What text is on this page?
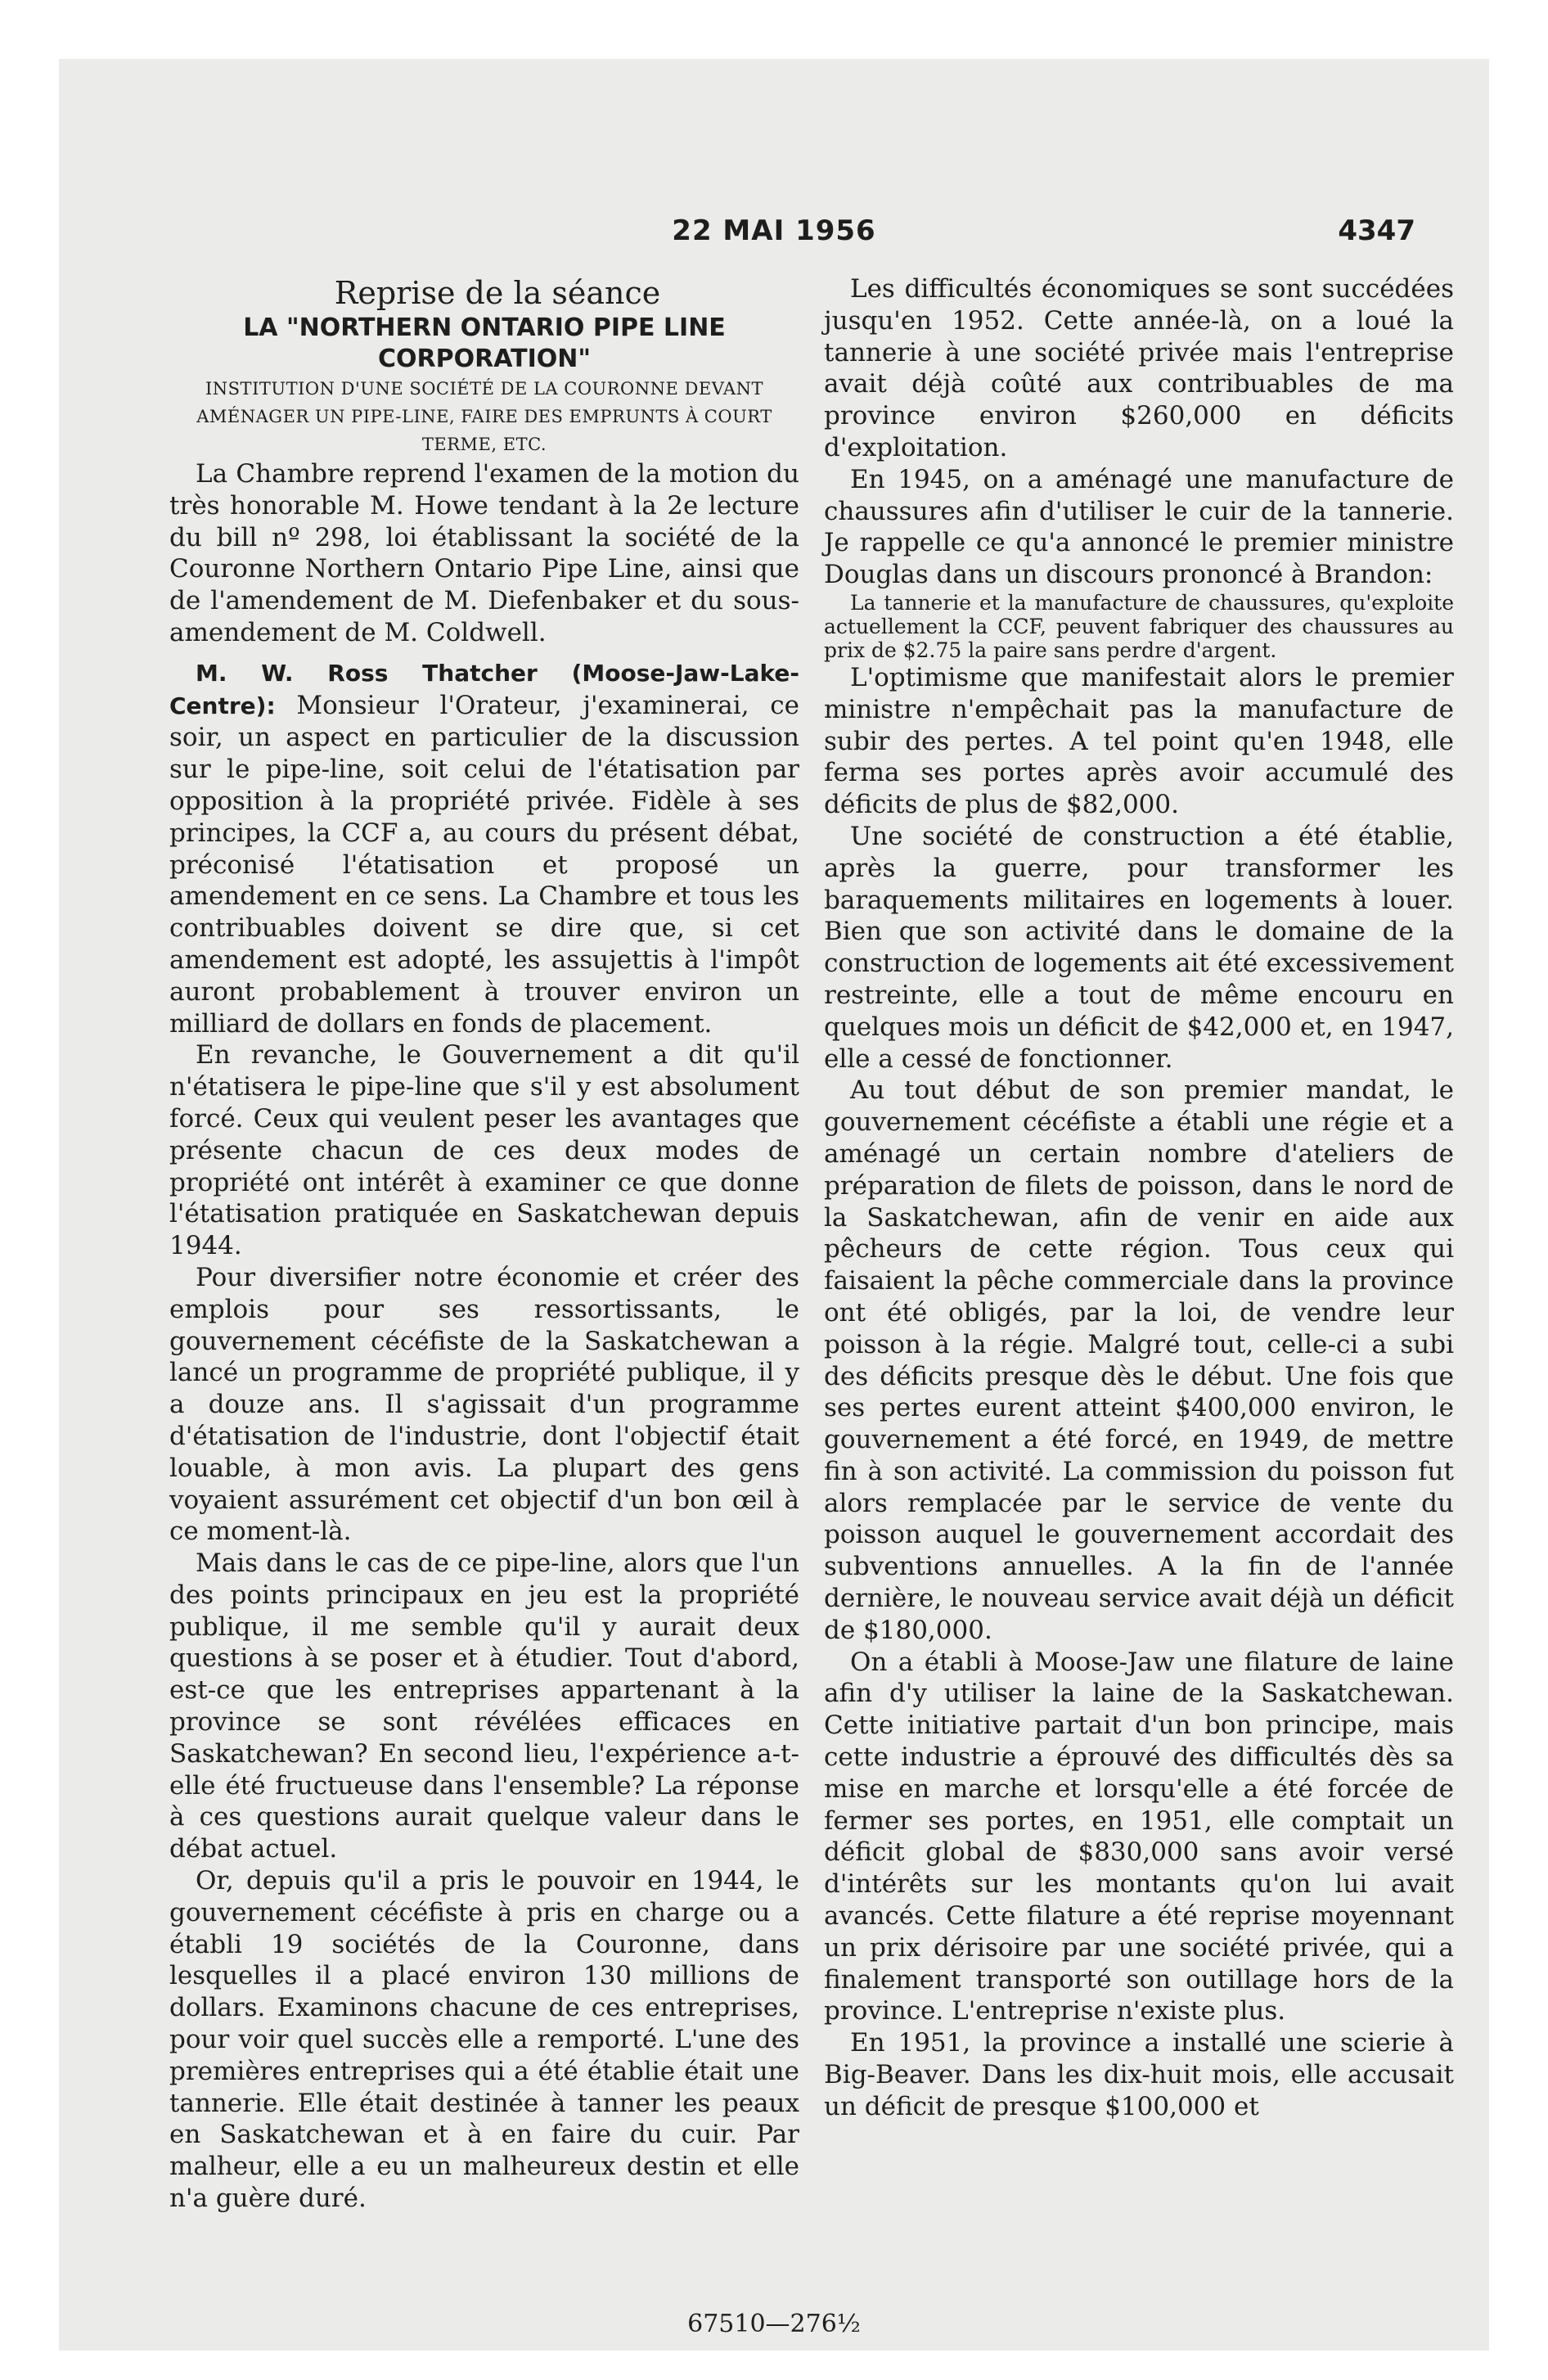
22 MAI 1956	4347

Reprise de la séance

LA "NORTHERN ONTARIO PIPE LINE CORPORATION"

INSTITUTION D'UNE SOCIÉTÉ DE LA COURONNE DEVANT AMÉNAGER UN PIPE-LINE, FAIRE DES EMPRUNTS À COURT TERME, ETC.

La Chambre reprend l'examen de la motion du très honorable M. Howe tendant à la 2e lecture du bill nº 298, loi établissant la société de la Couronne Northern Ontario Pipe Line, ainsi que de l'amendement de M. Diefenbaker et du sous-amendement de M. Coldwell.

M. W. Ross Thatcher (Moose-Jaw-Lake-Centre): Monsieur l'Orateur, j'examinerai, ce soir, un aspect en particulier de la discussion sur le pipe-line, soit celui de l'étatisation par opposition à la propriété privée. Fidèle à ses principes, la CCF a, au cours du présent débat, préconisé l'étatisation et proposé un amendement en ce sens. La Chambre et tous les contribuables doivent se dire que, si cet amendement est adopté, les assujettis à l'impôt auront probablement à trouver environ un milliard de dollars en fonds de placement.

En revanche, le Gouvernement a dit qu'il n'étatisera le pipe-line que s'il y est absolument forcé. Ceux qui veulent peser les avantages que présente chacun de ces deux modes de propriété ont intérêt à examiner ce que donne l'étatisation pratiquée en Saskatchewan depuis 1944.

Pour diversifier notre économie et créer des emplois pour ses ressortissants, le gouvernement cécéfiste de la Saskatchewan a lancé un programme de propriété publique, il y a douze ans. Il s'agissait d'un programme d'étatisation de l'industrie, dont l'objectif était louable, à mon avis. La plupart des gens voyaient assurément cet objectif d'un bon œil à ce moment-là.

Mais dans le cas de ce pipe-line, alors que l'un des points principaux en jeu est la propriété publique, il me semble qu'il y aurait deux questions à se poser et à étudier. Tout d'abord, est-ce que les entreprises appartenant à la province se sont révélées efficaces en Saskatchewan? En second lieu, l'expérience a-t-elle été fructueuse dans l'ensemble? La réponse à ces questions aurait quelque valeur dans le débat actuel.

Or, depuis qu'il a pris le pouvoir en 1944, le gouvernement cécéfiste à pris en charge ou a établi 19 sociétés de la Couronne, dans lesquelles il a placé environ 130 millions de dollars. Examinons chacune de ces entreprises, pour voir quel succès elle a remporté. L'une des premières entreprises qui a été établie était une tannerie. Elle était destinée à tanner les peaux en Saskatchewan et à en faire du cuir. Par malheur, elle a eu un malheureux destin et elle n'a guère duré.

Les difficultés économiques se sont succédées jusqu'en 1952. Cette année-là, on a loué la tannerie à une société privée mais l'entreprise avait déjà coûté aux contribuables de ma province environ $260,000 en déficits d'exploitation.

En 1945, on a aménagé une manufacture de chaussures afin d'utiliser le cuir de la tannerie. Je rappelle ce qu'a annoncé le premier ministre Douglas dans un discours prononcé à Brandon:

La tannerie et la manufacture de chaussures, qu'exploite actuellement la CCF, peuvent fabriquer des chaussures au prix de $2.75 la paire sans perdre d'argent.

L'optimisme que manifestait alors le premier ministre n'empêchait pas la manufacture de subir des pertes. A tel point qu'en 1948, elle ferma ses portes après avoir accumulé des déficits de plus de $82,000.

Une société de construction a été établie, après la guerre, pour transformer les baraquements militaires en logements à louer. Bien que son activité dans le domaine de la construction de logements ait été excessivement restreinte, elle a tout de même encouru en quelques mois un déficit de $42,000 et, en 1947, elle a cessé de fonctionner.

Au tout début de son premier mandat, le gouvernement cécéfiste a établi une régie et a aménagé un certain nombre d'ateliers de préparation de filets de poisson, dans le nord de la Saskatchewan, afin de venir en aide aux pêcheurs de cette région. Tous ceux qui faisaient la pêche commerciale dans la province ont été obligés, par la loi, de vendre leur poisson à la régie. Malgré tout, celle-ci a subi des déficits presque dès le début. Une fois que ses pertes eurent atteint $400,000 environ, le gouvernement a été forcé, en 1949, de mettre fin à son activité. La commission du poisson fut alors remplacée par le service de vente du poisson auquel le gouvernement accordait des subventions annuelles. A la fin de l'année dernière, le nouveau service avait déjà un déficit de $180,000.

On a établi à Moose-Jaw une filature de laine afin d'y utiliser la laine de la Saskatchewan. Cette initiative partait d'un bon principe, mais cette industrie a éprouvé des difficultés dès sa mise en marche et lorsqu'elle a été forcée de fermer ses portes, en 1951, elle comptait un déficit global de $830,000 sans avoir versé d'intérêts sur les montants qu'on lui avait avancés. Cette filature a été reprise moyennant un prix dérisoire par une société privée, qui a finalement transporté son outillage hors de la province. L'entreprise n'existe plus.

En 1951, la province a installé une scierie à Big-Beaver. Dans les dix-huit mois, elle accusait un déficit de presque $100,000 et

67510—276½
